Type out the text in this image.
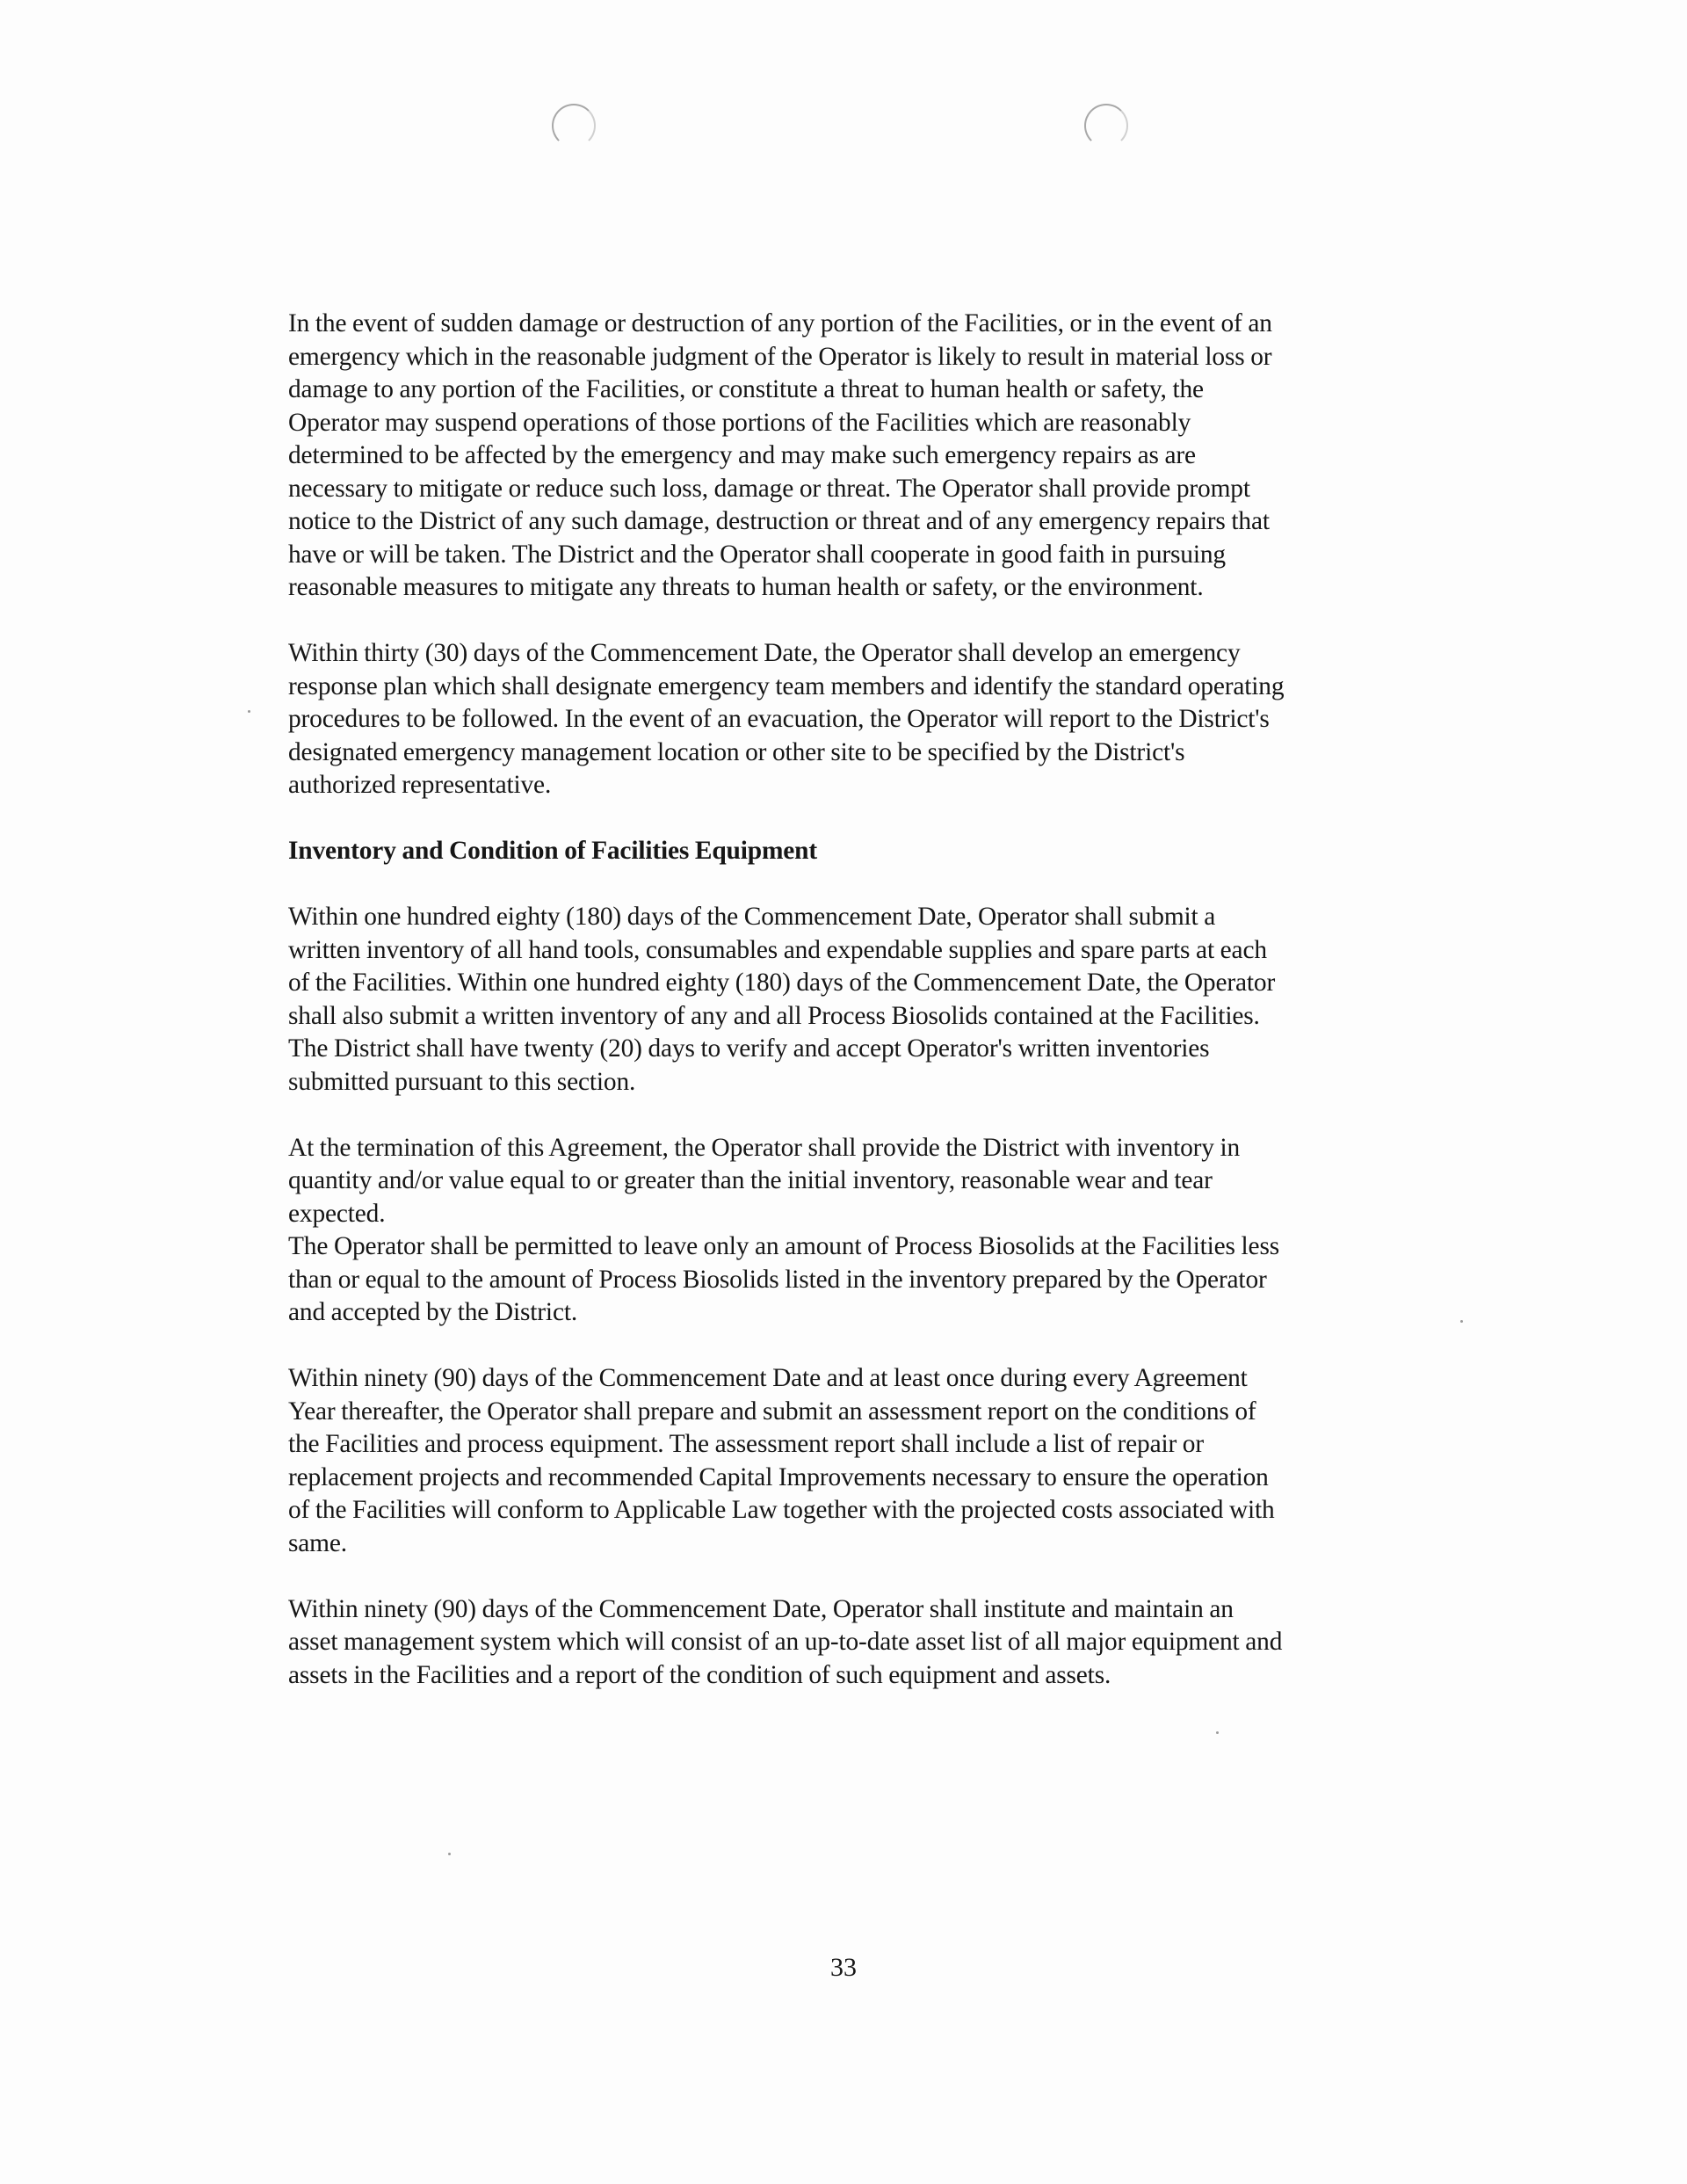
In the event of sudden damage or destruction of any portion of the Facilities, or in the event of an
emergency which in the reasonable judgment of the Operator is likely to result in material loss or
damage to any portion of the Facilities, or constitute a threat to human health or safety, the
Operator may suspend operations of those portions of the Facilities which are reasonably
determined to be affected by the emergency and may make such emergency repairs as are
necessary to mitigate or reduce such loss, damage or threat. The Operator shall provide prompt
notice to the District of any such damage, destruction or threat and of any emergency repairs that
have or will be taken. The District and the Operator shall cooperate in good faith in pursuing
reasonable measures to mitigate any threats to human health or safety, or the environment.

Within thirty (30) days of the Commencement Date, the Operator shall develop an emergency
response plan which shall designate emergency team members and identify the standard operating
procedures to be followed. In the event of an evacuation, the Operator will report to the District's
designated emergency management location or other site to be specified by the District's
authorized representative.

Inventory and Condition of Facilities Equipment

Within one hundred eighty (180) days of the Commencement Date, Operator shall submit a
written inventory of all hand tools, consumables and expendable supplies and spare parts at each
of the Facilities. Within one hundred eighty (180) days of the Commencement Date, the Operator
shall also submit a written inventory of any and all Process Biosolids contained at the Facilities.
The District shall have twenty (20) days to verify and accept Operator's written inventories
submitted pursuant to this section.

At the termination of this Agreement, the Operator shall provide the District with inventory in
quantity and/or value equal to or greater than the initial inventory, reasonable wear and tear
expected.

The Operator shall be permitted to leave only an amount of Process Biosolids at the Facilities less
than or equal to the amount of Process Biosolids listed in the inventory prepared by the Operator
and accepted by the District.

Within ninety (90) days of the Commencement Date and at least once during every Agreement
Year thereafter, the Operator shall prepare and submit an assessment report on the conditions of
the Facilities and process equipment. The assessment report shall include a list of repair or
replacement projects and recommended Capital Improvements necessary to ensure the operation
of the Facilities will conform to Applicable Law together with the projected costs associated with
same.

Within ninety (90) days of the Commencement Date, Operator shall institute and maintain an
asset management system which will consist of an up-to-date asset list of all major equipment and
assets in the Facilities and a report of the condition of such equipment and assets.

33
